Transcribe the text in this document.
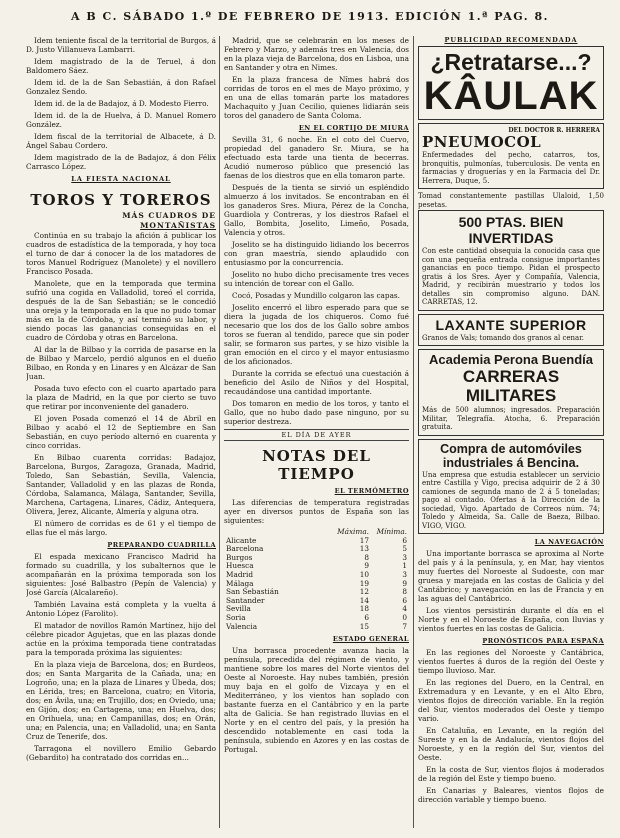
A B C. SÁBADO 1.º DE FEBRERO DE 1913. EDICIÓN 1.ª PAG. 8.

Idem teniente fiscal de la territorial de Burgos, á D. Justo Villanueva Lambarri.

Idem magistrado de la de Teruel, á don Baldomero Sáez.

Idem id. de la de San Sebastián, á don Rafael Gonzalez Sendo.

Idem id. de la de Badajoz, á D. Modesto Fierro.

Idem id. de la de Huelva, á D. Manuel Romero González.

Idem fiscal de la territorial de Albacete, á D. Ángel Sabau Cordero.

Idem magistrado de la de Badajoz, á don Félix Carrasco López.

LA FIESTA NACIONAL
TOROS Y TOREROS
MÁS CUADROS DE
MONTAÑISTAS

Continúa en su trabajo la afición á publicar los cuadros de estadística de la temporada, y hoy toca el turno de dar á conocer la de los matadores de toros Manuel Rodríguez (Manolete) y el novillero Francisco Posada.

Manolete, que en la temporada que termina sufrió una cogida en Valladolid, toreó el corrida, después de la de San Sebastián; se le concedió una oreja y la temporada en la que no pudo tomar más en la de Córdoba, y así terminó su labor, y siendo pocas las ganancias conseguidas en el cuadro de Córdoba y otras en Barcelona.

Al dar la de Bilbao y la corrida de pasarse en la de Bilbao y Marcelo, perdió algunos en el dueño Bilbao, en Ronda y en Linares y en Alcázar de San Juan.

Posada tuvo efecto con el cuarto apartado para la plaza de Madrid, en la que por cierto se tuvo que retirar por inconveniente del ganadero.

El joven Posada comenzó el 14 de Abril en Bilbao y acabó el 12 de Septiembre en San Sebastián, en cuyo período alternó en cuarenta y cinco corridas.

En Bilbao cuarenta corridas: Badajoz, Barcelona, Burgos, Zaragoza, Granada, Madrid, Toledo, San Sebastián, Sevilla, Valencia, Santander, Valladolid y en las plazas de Ronda, Córdoba, Salamanca, Málaga, Santander, Sevilla, Marchena, Cartagena, Linares, Cádiz, Antequera, Olivera, Jerez, Alicante, Almería y alguna otra.

El número de corridas es de 61 y el tiempo de ellas fue el más largo.

PREPARANDO CUADRILLA

El espada mexicano Francisco Madrid ha formado su cuadrilla, y los subalternos que le acompañarán en la próxima temporada son los siguientes: José Balbastro (Pepín de Valencia) y José García (Alcalareño).

También Lavaina está completa y la vuelta á Antonio López (Farolito).

El matador de novillos Ramón Martínez, hijo del célebre picador Agujetas, que en las plazas donde actúe en la próxima temporada tiene contratadas para la temporada próxima las siguientes:

En la plaza vieja de Barcelona, dos; en Burdeos, dos; en Santa Margarita de la Cañada, una; en Logroño, una; en la plaza de Linares y Úbeda, dos; en Lérida, tres; en Barcelona, cuatro; en Vitoria, dos; en Ávila, una; en Trujillo, dos; en Oviedo, una; en Gijón, dos; en Cartagena, una; en Huelva, dos; en Orihuela, una; en Campanillas, dos; en Orán, una; en Palencia, una; en Valladolid, una; en Santa Cruz de Tenerife, dos.

Tarragona el novillero Emilio Gebardo (Gebardito) ha contratado dos corridas en...

Madrid, que se celebrarán en los meses de Febrero y Marzo, y además tres en Valencia, dos en la plaza vieja de Barcelona, dos en Lisboa, una en Santander y otra en Nimes.

En la plaza francesa de Nîmes habrá dos corridas de toros en el mes de Mayo próximo, y en una de ellas tomarán parte los matadores Machaquito y Juan Cecilio, quienes lidiarán seis toros del ganadero de Santa Coloma.

EN EL CORTIJO DE MIURA

Sevilla 31, 6 noche. En el coto del Cuervo, propiedad del ganadero Sr. Miura, se ha efectuado esta tarde una tienta de becerras. Acudió numeroso público que presenció las faenas de los diestros que en ella tomaron parte.

Después de la tienta se sirvió un espléndido almuerzo á los invitados. Se encontraban en él los ganaderos Sres. Miura, Pérez de la Concha, Guardiola y Contreras, y los diestros Rafael el Gallo, Bombita, Joselito, Limeño, Posada, Valencia y otros.

Joselito se ha distinguido lidiando los becerros con gran maestría, siendo aplaudido con entusiasmo por la concurrencia.

Joselito no hubo dicho precisamente tres veces su intención de torear con el Gallo.

Cocó, Posadas y Mundillo colgaron las capas.

Joselito encerró el libro esperado para que se diera la jugada de los chiqueros. Como fué necesario que los dos de los Gallo sobre ambos toros se fueran al tendido, parece que sin poder salir, se formaron sus partes, y se hizo visible la gran emoción en el circo y el mayor entusiasmo de los aficionados.

Durante la corrida se efectuó una cuestación á beneficio del Asilo de Niños y del Hospital, recaudándose una cantidad importante.

Dos tomaron en medio de los toros, y tanto el Gallo, que no hubo dado pase ninguno, por su superior destreza.

EL DÍA DE AYER
NOTAS DEL TIEMPO
EL TERMÓMETRO

Las diferencias de temperatura registradas ayer en diversos puntos de España son las siguientes:

	Máxima.	Mínima.
Alicante	17	6
Barcelona	13	5
Burgos	8	3
Huesca	9	1
Madrid	10	3
Málaga	19	9
San Sebastián	12	8
Santander	14	6
Sevilla	18	4
Soria	6	0
Valencia	15	7
ESTADO GENERAL

Una borrasca procedente avanza hacia la península, precedida del régimen de viento, y mantiene sobre los mares del Norte vientos del Oeste al Noroeste. Hay nubes también, presión muy baja en el golfo de Vizcaya y en el Mediterráneo, y los vientos han soplado con bastante fuerza en el Cantábrico y en la parte alta de Galicia. Se han registrado lluvias en el Norte y en el centro del país, y la presión ha descendido notablemente en casi toda la península, subiendo en Azores y en las costas de Portugal.

PUBLICIDAD RECOMENDADA
¿Retratarse...?
KÂULAK
DEL DOCTOR R. HERRERA
PNEUMOCOL
Enfermedades del pecho, catarros, tos, bronquitis, pulmonías, tuberculosis. De venta en farmacias y droguerías y en la Farmacia del Dr. Herrera, Duque, 5.
Tomad constantemente pastillas Ulaloid, 1,50 pesetas.
500 PTAS. BIEN INVERTIDAS
Con este cantidad obsequia la conocida casa que con una pequeña entrada consigue importantes ganancias en poco tiempo. Pidan el prospecto gratis á los Sres. Ayer y Compañía, Valencia, Madrid, y recibirán muestrario y todos los detalles sin compromiso alguno. DAN. CARRETAS, 12.
LAXANTE SUPERIOR
Granos de Vals; tomando dos granos al cenar.
Academia Perona Buendía
CARRERAS MILITARES
Más de 500 alumnos; ingresados. Preparación Militar, Telegrafía. Atocha, 6. Preparación gratuita.
Compra de automóviles industriales á Bencina.
Una empresa que estudia establecer un servicio entre Castilla y Vigo, precisa adquirir de 2 á 30 camiones de segunda mano de 2 á 5 toneladas; pago al contado. Ofertas á la Dirección de la sociedad, Vigo. Apartado de Correos núm. 74; Toledo y Almeida, Sa. Calle de Baeza, Bilbao. VIGO, VIGO.
LA NAVEGACIÓN

Una importante borrasca se aproxima al Norte del país y á la península, y, en Mar, hay vientos muy fuertes del Noroeste al Sudoeste, con mar gruesa y marejada en las costas de Galicia y del Cantábrico; y navegación en las de Francia y en las aguas del Cantábrico.

Los vientos persistirán durante el día en el Norte y en el Noroeste de España, con lluvias y vientos fuertes en las costas de Galicia.

PRONÓSTICOS PARA ESPAÑA

En las regiones del Noroeste y Cantábrica, vientos fuertes á duros de la región del Oeste y tiempo lluvioso. Mar.

En las regiones del Duero, en la Central, en Extremadura y en Levante, y en el Alto Ebro, vientos flojos de dirección variable. En la región del Sur, vientos moderados del Oeste y tiempo vario.

En Cataluña, en Levante, en la región del Sureste y en la de Andalucía, vientos flojos del Noroeste, y en la región del Sur, vientos del Oeste.

En la costa de Sur, vientos flojos á moderados de la región del Este y tiempo bueno.

En Canarias y Baleares, vientos flojos de dirección variable y tiempo bueno.
